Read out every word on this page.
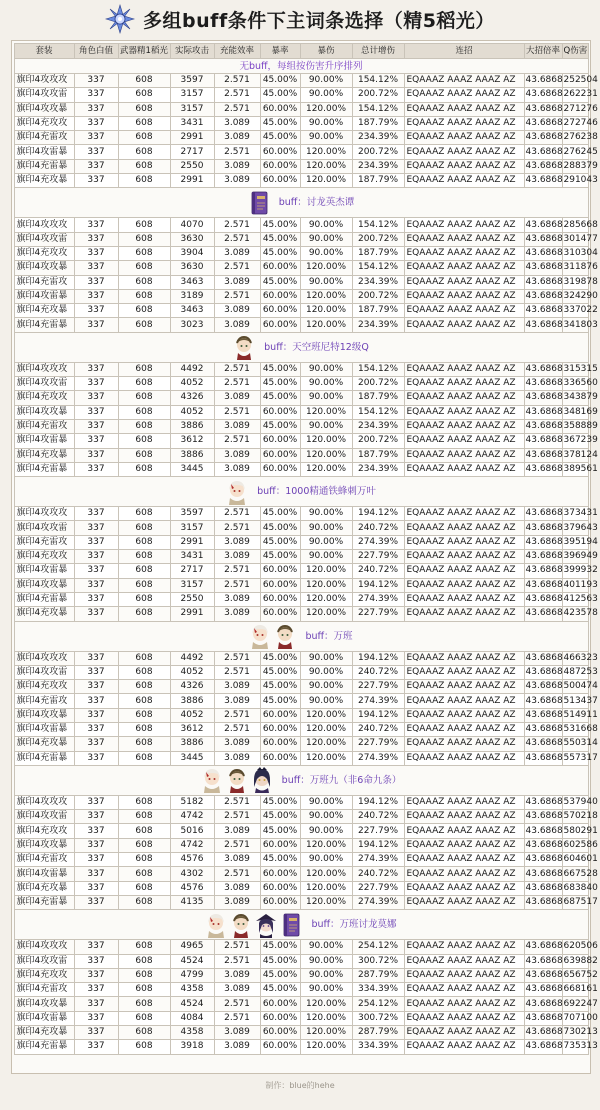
多组buff条件下主词条选择（精5稻光）
套装	角色白值	武器精1稻光	实际攻击	充能效率	暴率	暴伤	总计增伤	连招	大招倍率	Q伤害

无buff，每组按伤害升序排列										

旗印4攻攻攻	337	608	3597	2.571	45.00%	90.00%	154.12%	EQAAAZ AAAZ AAAZ AZ	43.6868	252504
旗印4攻攻雷	337	608	3157	2.571	45.00%	90.00%	200.72%	EQAAAZ AAAZ AAAZ AZ	43.6868	262231
旗印4攻攻暴	337	608	3157	2.571	60.00%	120.00%	154.12%	EQAAAZ AAAZ AAAZ AZ	43.6868	271276
旗印4充攻攻	337	608	3431	3.089	45.00%	90.00%	187.79%	EQAAAZ AAAZ AAAZ AZ	43.6868	272746
旗印4充雷攻	337	608	2991	3.089	45.00%	90.00%	234.39%	EQAAAZ AAAZ AAAZ AZ	43.6868	276238
旗印4攻雷暴	337	608	2717	2.571	60.00%	120.00%	200.72%	EQAAAZ AAAZ AAAZ AZ	43.6868	276245
旗印4充雷暴	337	608	2550	3.089	60.00%	120.00%	234.39%	EQAAAZ AAAZ AAAZ AZ	43.6868	288379
旗印4充攻暴	337	608	2991	3.089	60.00%	120.00%	187.79%	EQAAAZ AAAZ AAAZ AZ	43.6868	291043

buff：讨龙英杰谭										

旗印4攻攻攻	337	608	4070	2.571	45.00%	90.00%	154.12%	EQAAAZ AAAZ AAAZ AZ	43.6868	285668
旗印4攻攻雷	337	608	3630	2.571	45.00%	90.00%	200.72%	EQAAAZ AAAZ AAAZ AZ	43.6868	301477
旗印4充攻攻	337	608	3904	3.089	45.00%	90.00%	187.79%	EQAAAZ AAAZ AAAZ AZ	43.6868	310304
旗印4攻攻暴	337	608	3630	2.571	60.00%	120.00%	154.12%	EQAAAZ AAAZ AAAZ AZ	43.6868	311876
旗印4充雷攻	337	608	3463	3.089	45.00%	90.00%	234.39%	EQAAAZ AAAZ AAAZ AZ	43.6868	319878
旗印4攻雷暴	337	608	3189	2.571	60.00%	120.00%	200.72%	EQAAAZ AAAZ AAAZ AZ	43.6868	324290
旗印4充攻暴	337	608	3463	3.089	60.00%	120.00%	187.79%	EQAAAZ AAAZ AAAZ AZ	43.6868	337022
旗印4充雷暴	337	608	3023	3.089	60.00%	120.00%	234.39%	EQAAAZ AAAZ AAAZ AZ	43.6868	341803

buff：天空班尼特12级Q										

旗印4攻攻攻	337	608	4492	2.571	45.00%	90.00%	154.12%	EQAAAZ AAAZ AAAZ AZ	43.6868	315315
旗印4攻攻雷	337	608	4052	2.571	45.00%	90.00%	200.72%	EQAAAZ AAAZ AAAZ AZ	43.6868	336560
旗印4充攻攻	337	608	4326	3.089	45.00%	90.00%	187.79%	EQAAAZ AAAZ AAAZ AZ	43.6868	343879
旗印4攻攻暴	337	608	4052	2.571	60.00%	120.00%	154.12%	EQAAAZ AAAZ AAAZ AZ	43.6868	348169
旗印4充雷攻	337	608	3886	3.089	45.00%	90.00%	234.39%	EQAAAZ AAAZ AAAZ AZ	43.6868	358889
旗印4攻雷暴	337	608	3612	2.571	60.00%	120.00%	200.72%	EQAAAZ AAAZ AAAZ AZ	43.6868	367239
旗印4充攻暴	337	608	3886	3.089	60.00%	120.00%	187.79%	EQAAAZ AAAZ AAAZ AZ	43.6868	378124
旗印4充雷暴	337	608	3445	3.089	60.00%	120.00%	234.39%	EQAAAZ AAAZ AAAZ AZ	43.6868	389561

buff：1000精通铁蜂刺万叶										

旗印4攻攻攻	337	608	3597	2.571	45.00%	90.00%	194.12%	EQAAAZ AAAZ AAAZ AZ	43.6868	373431
旗印4攻攻雷	337	608	3157	2.571	45.00%	90.00%	240.72%	EQAAAZ AAAZ AAAZ AZ	43.6868	379643
旗印4充雷攻	337	608	2991	3.089	45.00%	90.00%	274.39%	EQAAAZ AAAZ AAAZ AZ	43.6868	395194
旗印4充攻攻	337	608	3431	3.089	45.00%	90.00%	227.79%	EQAAAZ AAAZ AAAZ AZ	43.6868	396949
旗印4攻雷暴	337	608	2717	2.571	60.00%	120.00%	240.72%	EQAAAZ AAAZ AAAZ AZ	43.6868	399932
旗印4攻攻暴	337	608	3157	2.571	60.00%	120.00%	194.12%	EQAAAZ AAAZ AAAZ AZ	43.6868	401193
旗印4充雷暴	337	608	2550	3.089	60.00%	120.00%	274.39%	EQAAAZ AAAZ AAAZ AZ	43.6868	412563
旗印4充攻暴	337	608	2991	3.089	60.00%	120.00%	227.79%	EQAAAZ AAAZ AAAZ AZ	43.6868	423578

buff：万班										

旗印4攻攻攻	337	608	4492	2.571	45.00%	90.00%	194.12%	EQAAAZ AAAZ AAAZ AZ	43.6868	466323
旗印4攻攻雷	337	608	4052	2.571	45.00%	90.00%	240.72%	EQAAAZ AAAZ AAAZ AZ	43.6868	487253
旗印4充攻攻	337	608	4326	3.089	45.00%	90.00%	227.79%	EQAAAZ AAAZ AAAZ AZ	43.6868	500474
旗印4充雷攻	337	608	3886	3.089	45.00%	90.00%	274.39%	EQAAAZ AAAZ AAAZ AZ	43.6868	513437
旗印4攻攻暴	337	608	4052	2.571	60.00%	120.00%	194.12%	EQAAAZ AAAZ AAAZ AZ	43.6868	514911
旗印4攻雷暴	337	608	3612	2.571	60.00%	120.00%	240.72%	EQAAAZ AAAZ AAAZ AZ	43.6868	531668
旗印4充攻暴	337	608	3886	3.089	60.00%	120.00%	227.79%	EQAAAZ AAAZ AAAZ AZ	43.6868	550314
旗印4充雷暴	337	608	3445	3.089	60.00%	120.00%	274.39%	EQAAAZ AAAZ AAAZ AZ	43.6868	557317

buff：万班九（非6命九条）										

旗印4攻攻攻	337	608	5182	2.571	45.00%	90.00%	194.12%	EQAAAZ AAAZ AAAZ AZ	43.6868	537940
旗印4攻攻雷	337	608	4742	2.571	45.00%	90.00%	240.72%	EQAAAZ AAAZ AAAZ AZ	43.6868	570218
旗印4充攻攻	337	608	5016	3.089	45.00%	90.00%	227.79%	EQAAAZ AAAZ AAAZ AZ	43.6868	580291
旗印4攻攻暴	337	608	4742	2.571	60.00%	120.00%	194.12%	EQAAAZ AAAZ AAAZ AZ	43.6868	602586
旗印4充雷攻	337	608	4576	3.089	45.00%	90.00%	274.39%	EQAAAZ AAAZ AAAZ AZ	43.6868	604601
旗印4攻雷暴	337	608	4302	2.571	60.00%	120.00%	240.72%	EQAAAZ AAAZ AAAZ AZ	43.6868	667528
旗印4充攻暴	337	608	4576	3.089	60.00%	120.00%	227.79%	EQAAAZ AAAZ AAAZ AZ	43.6868	683840
旗印4充雷暴	337	608	4135	3.089	60.00%	120.00%	274.39%	EQAAAZ AAAZ AAAZ AZ	43.6868	687517

buff：万班讨龙莫娜										

旗印4攻攻攻	337	608	4965	2.571	45.00%	90.00%	254.12%	EQAAAZ AAAZ AAAZ AZ	43.6868	620506
旗印4攻攻雷	337	608	4524	2.571	45.00%	90.00%	300.72%	EQAAAZ AAAZ AAAZ AZ	43.6868	639882
旗印4充攻攻	337	608	4799	3.089	45.00%	90.00%	287.79%	EQAAAZ AAAZ AAAZ AZ	43.6868	656752
旗印4充雷攻	337	608	4358	3.089	45.00%	90.00%	334.39%	EQAAAZ AAAZ AAAZ AZ	43.6868	668161
旗印4攻攻暴	337	608	4524	2.571	60.00%	120.00%	254.12%	EQAAAZ AAAZ AAAZ AZ	43.6868	692247
旗印4攻雷暴	337	608	4084	2.571	60.00%	120.00%	300.72%	EQAAAZ AAAZ AAAZ AZ	43.6868	707100
旗印4充攻暴	337	608	4358	3.089	60.00%	120.00%	287.79%	EQAAAZ AAAZ AAAZ AZ	43.6868	730213
旗印4充雷暴	337	608	3918	3.089	60.00%	120.00%	334.39%	EQAAAZ AAAZ AAAZ AZ	43.6868	735313
制作：blue的hehe
